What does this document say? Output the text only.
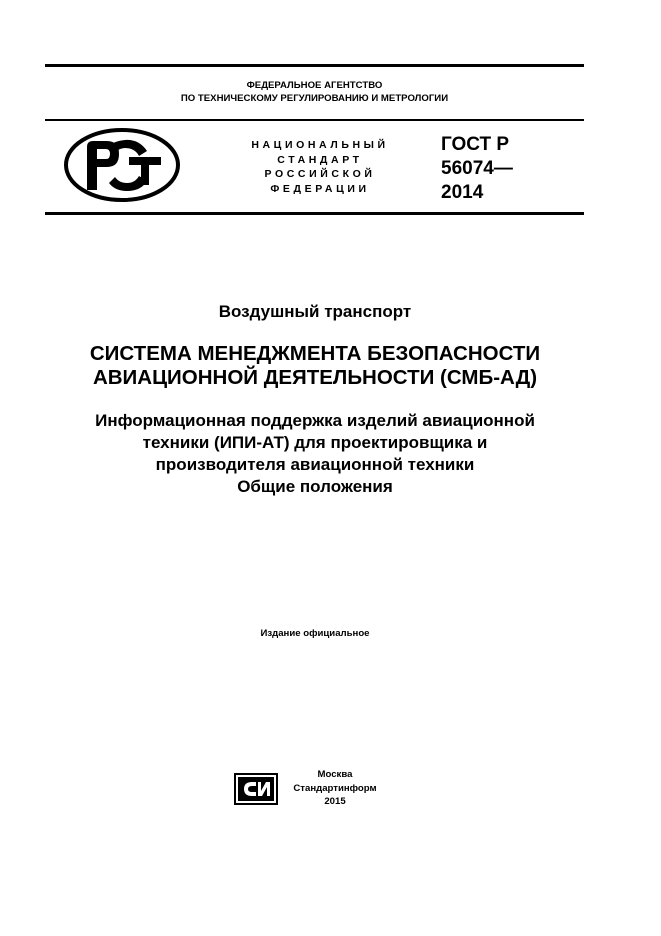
ФЕДЕРАЛЬНОЕ АГЕНТСТВО
ПО ТЕХНИЧЕСКОМУ РЕГУЛИРОВАНИЮ И МЕТРОЛОГИИ
НАЦИОНАЛЬНЫЙ
СТАНДАРТ
РОССИЙСКОЙ
ФЕДЕРАЦИИ
ГОСТ Р
56074—
2014
Воздушный транспорт
СИСТЕМА МЕНЕДЖМЕНТА БЕЗОПАСНОСТИ
АВИАЦИОННОЙ ДЕЯТЕЛЬНОСТИ (СМБ-АД)
Информационная поддержка изделий авиационной
техники (ИПИ-АТ) для проектировщика и
производителя авиационной техники
Общие положения
Издание официальное
Москва
Стандартинформ
2015
